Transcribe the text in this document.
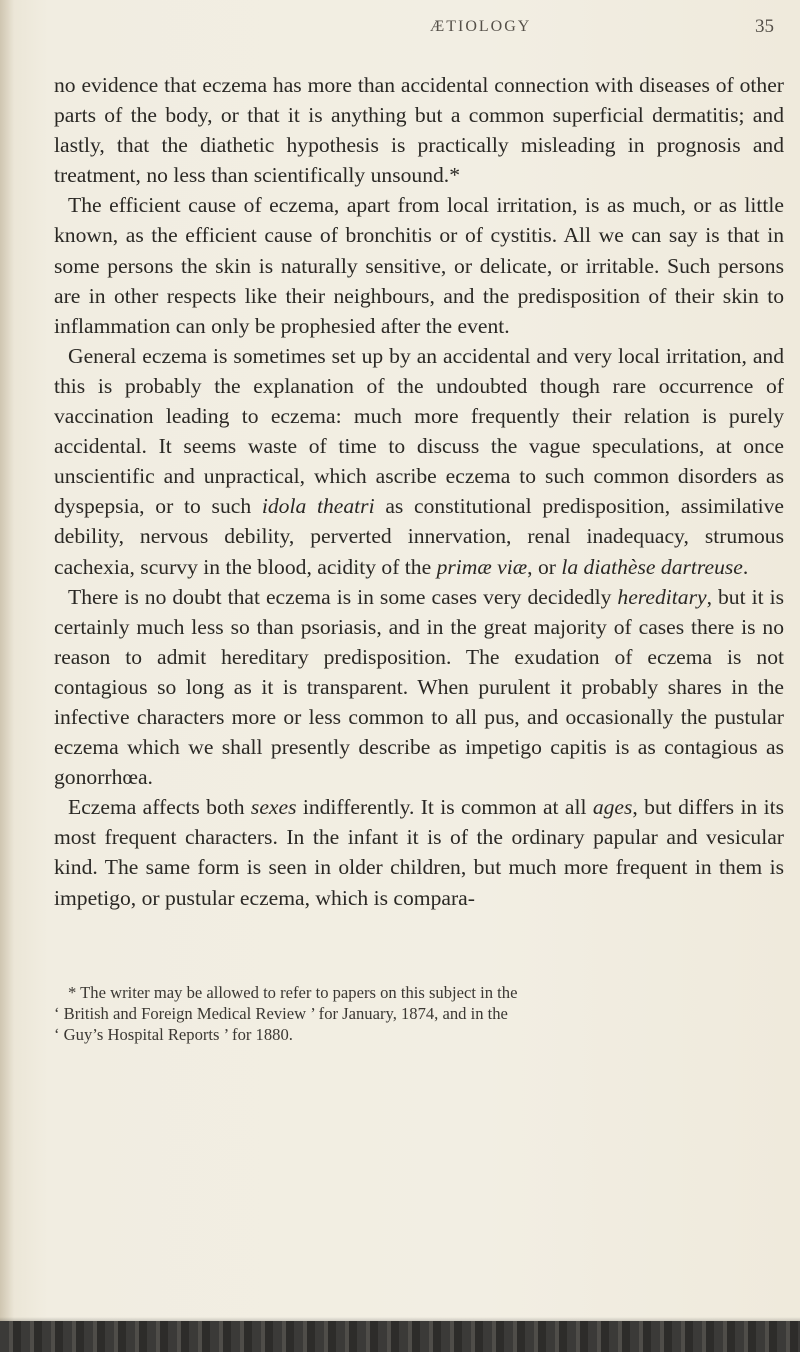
ÆTIOLOGY	35

no evidence that eczema has more than accidental connection with diseases of other parts of the body, or that it is anything but a common superficial dermatitis; and lastly, that the diathetic hypothesis is practically misleading in prognosis and treatment, no less than scientifically unsound.*

The efficient cause of eczema, apart from local irritation, is as much, or as little known, as the efficient cause of bronchitis or of cystitis. All we can say is that in some persons the skin is naturally sensitive, or delicate, or irritable. Such persons are in other respects like their neighbours, and the predisposition of their skin to inflammation can only be prophesied after the event.

General eczema is sometimes set up by an accidental and very local irritation, and this is probably the explanation of the undoubted though rare occurrence of vaccination leading to eczema: much more frequently their relation is purely accidental. It seems waste of time to discuss the vague speculations, at once unscientific and unpractical, which ascribe eczema to such common disorders as dyspepsia, or to such idola theatri as constitutional predisposition, assimilative debility, nervous debility, perverted innervation, renal inadequacy, strumous cachexia, scurvy in the blood, acidity of the primæ viæ, or la diathèse dartreuse.

There is no doubt that eczema is in some cases very decidedly hereditary, but it is certainly much less so than psoriasis, and in the great majority of cases there is no reason to admit hereditary predisposition. The exudation of eczema is not contagious so long as it is transparent. When purulent it probably shares in the infective characters more or less common to all pus, and occasionally the pustular eczema which we shall presently describe as impetigo capitis is as contagious as gonorrhœa.

Eczema affects both sexes indifferently. It is common at all ages, but differs in its most frequent characters. In the infant it is of the ordinary papular and vesicular kind. The same form is seen in older children, but much more frequent in them is impetigo, or pustular eczema, which is compara-

* The writer may be allowed to refer to papers on this subject in the
‘ British and Foreign Medical Review ’ for January, 1874, and in the
‘ Guy’s Hospital Reports ’ for 1880.
